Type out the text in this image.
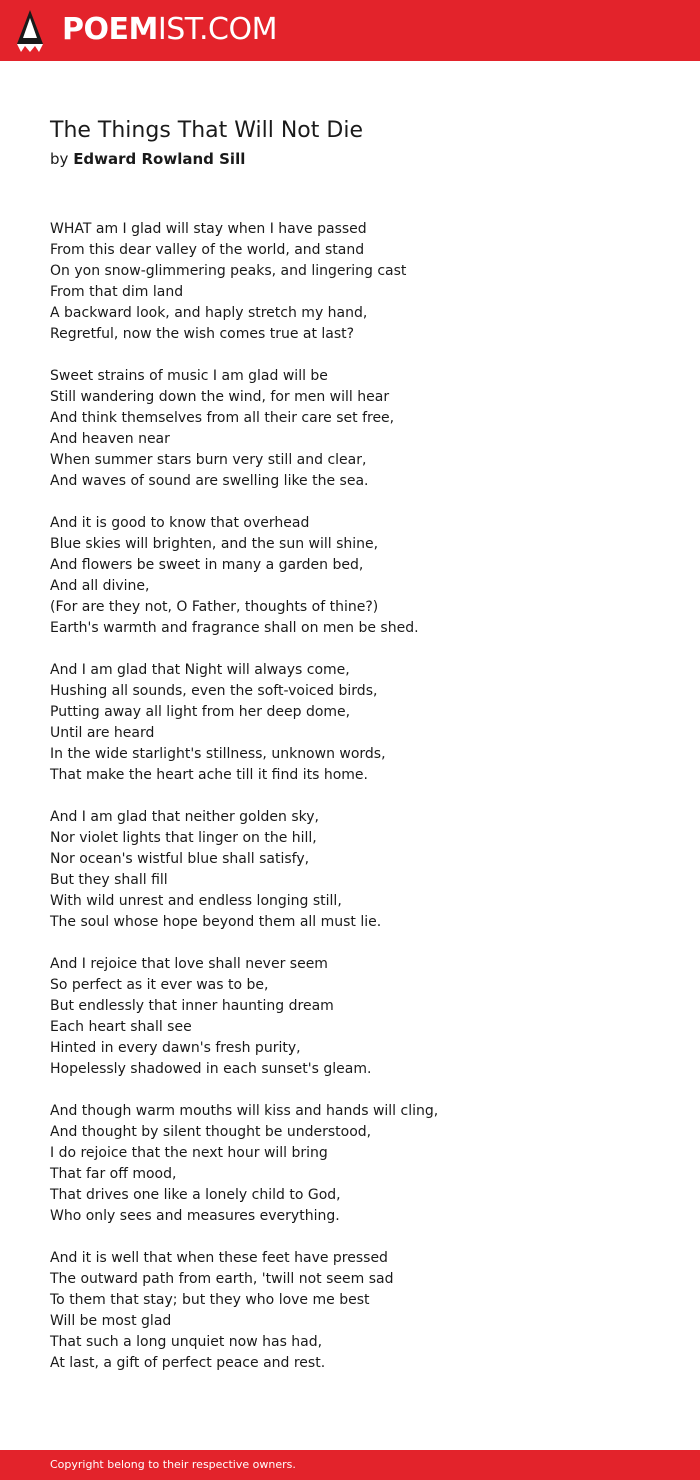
POEMIST.COM
The Things That Will Not Die
by Edward Rowland Sill
WHAT am I glad will stay when I have passed
From this dear valley of the world, and stand
On yon snow-glimmering peaks, and lingering cast
From that dim land
A backward look, and haply stretch my hand,
Regretful, now the wish comes true at last?
Sweet strains of music I am glad will be
Still wandering down the wind, for men will hear
And think themselves from all their care set free,
And heaven near
When summer stars burn very still and clear,
And waves of sound are swelling like the sea.
And it is good to know that overhead
Blue skies will brighten, and the sun will shine,
And flowers be sweet in many a garden bed,
And all divine,
(For are they not, O Father, thoughts of thine?)
Earth's warmth and fragrance shall on men be shed.
And I am glad that Night will always come,
Hushing all sounds, even the soft-voiced birds,
Putting away all light from her deep dome,
Until are heard
In the wide starlight's stillness, unknown words,
That make the heart ache till it find its home.
And I am glad that neither golden sky,
Nor violet lights that linger on the hill,
Nor ocean's wistful blue shall satisfy,
But they shall fill
With wild unrest and endless longing still,
The soul whose hope beyond them all must lie.
And I rejoice that love shall never seem
So perfect as it ever was to be,
But endlessly that inner haunting dream
Each heart shall see
Hinted in every dawn's fresh purity,
Hopelessly shadowed in each sunset's gleam.
And though warm mouths will kiss and hands will cling,
And thought by silent thought be understood,
I do rejoice that the next hour will bring
That far off mood,
That drives one like a lonely child to God,
Who only sees and measures everything.
And it is well that when these feet have pressed
The outward path from earth, 'twill not seem sad
To them that stay; but they who love me best
Will be most glad
That such a long unquiet now has had,
At last, a gift of perfect peace and rest.
Copyright belong to their respective owners.
